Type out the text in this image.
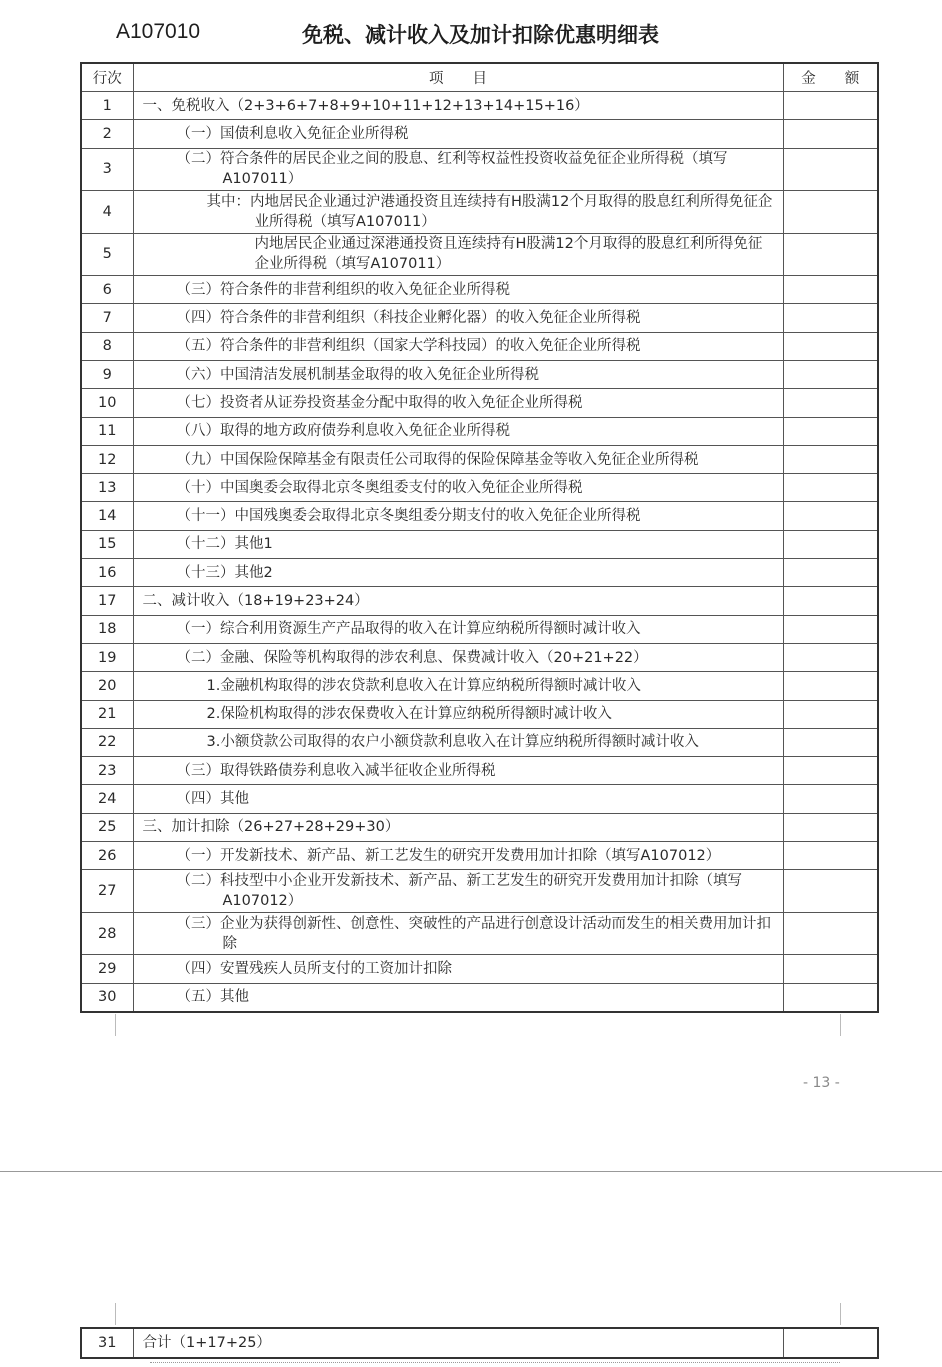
A107010	免税、减计收入及加计扣除优惠明细表
行次	项　　目	金　　额
1	一、免税收入（2+3+6+7+8+9+10+11+12+13+14+15+16）	
2	（一）国债利息收入免征企业所得税	
3	（二）符合条件的居民企业之间的股息、红利等权益性投资收益免征企业所得税（填写A107011）	
4	其中：内地居民企业通过沪港通投资且连续持有H股满12个月取得的股息红利所得免征企业所得税（填写A107011）	
5	内地居民企业通过深港通投资且连续持有H股满12个月取得的股息红利所得免征企业所得税（填写A107011）	
6	（三）符合条件的非营利组织的收入免征企业所得税	
7	（四）符合条件的非营利组织（科技企业孵化器）的收入免征企业所得税	
8	（五）符合条件的非营利组织（国家大学科技园）的收入免征企业所得税	
9	（六）中国清洁发展机制基金取得的收入免征企业所得税	
10	（七）投资者从证券投资基金分配中取得的收入免征企业所得税	
11	（八）取得的地方政府债券利息收入免征企业所得税	
12	（九）中国保险保障基金有限责任公司取得的保险保障基金等收入免征企业所得税	
13	（十）中国奥委会取得北京冬奥组委支付的收入免征企业所得税	
14	（十一）中国残奥委会取得北京冬奥组委分期支付的收入免征企业所得税	
15	（十二）其他1	
16	（十三）其他2	
17	二、减计收入（18+19+23+24）	
18	（一）综合利用资源生产产品取得的收入在计算应纳税所得额时减计收入	
19	（二）金融、保险等机构取得的涉农利息、保费减计收入（20+21+22）	
20	1.金融机构取得的涉农贷款利息收入在计算应纳税所得额时减计收入	
21	2.保险机构取得的涉农保费收入在计算应纳税所得额时减计收入	
22	3.小额贷款公司取得的农户小额贷款利息收入在计算应纳税所得额时减计收入	
23	（三）取得铁路债券利息收入减半征收企业所得税	
24	（四）其他	
25	三、加计扣除（26+27+28+29+30）	
26	（一）开发新技术、新产品、新工艺发生的研究开发费用加计扣除（填写A107012）	
27	（二）科技型中小企业开发新技术、新产品、新工艺发生的研究开发费用加计扣除（填写A107012）	
28	（三）企业为获得创新性、创意性、突破性的产品进行创意设计活动而发生的相关费用加计扣除	
29	（四）安置残疾人员所支付的工资加计扣除	
30	（五）其他	
- 13 -
31	合计（1+17+25）	
